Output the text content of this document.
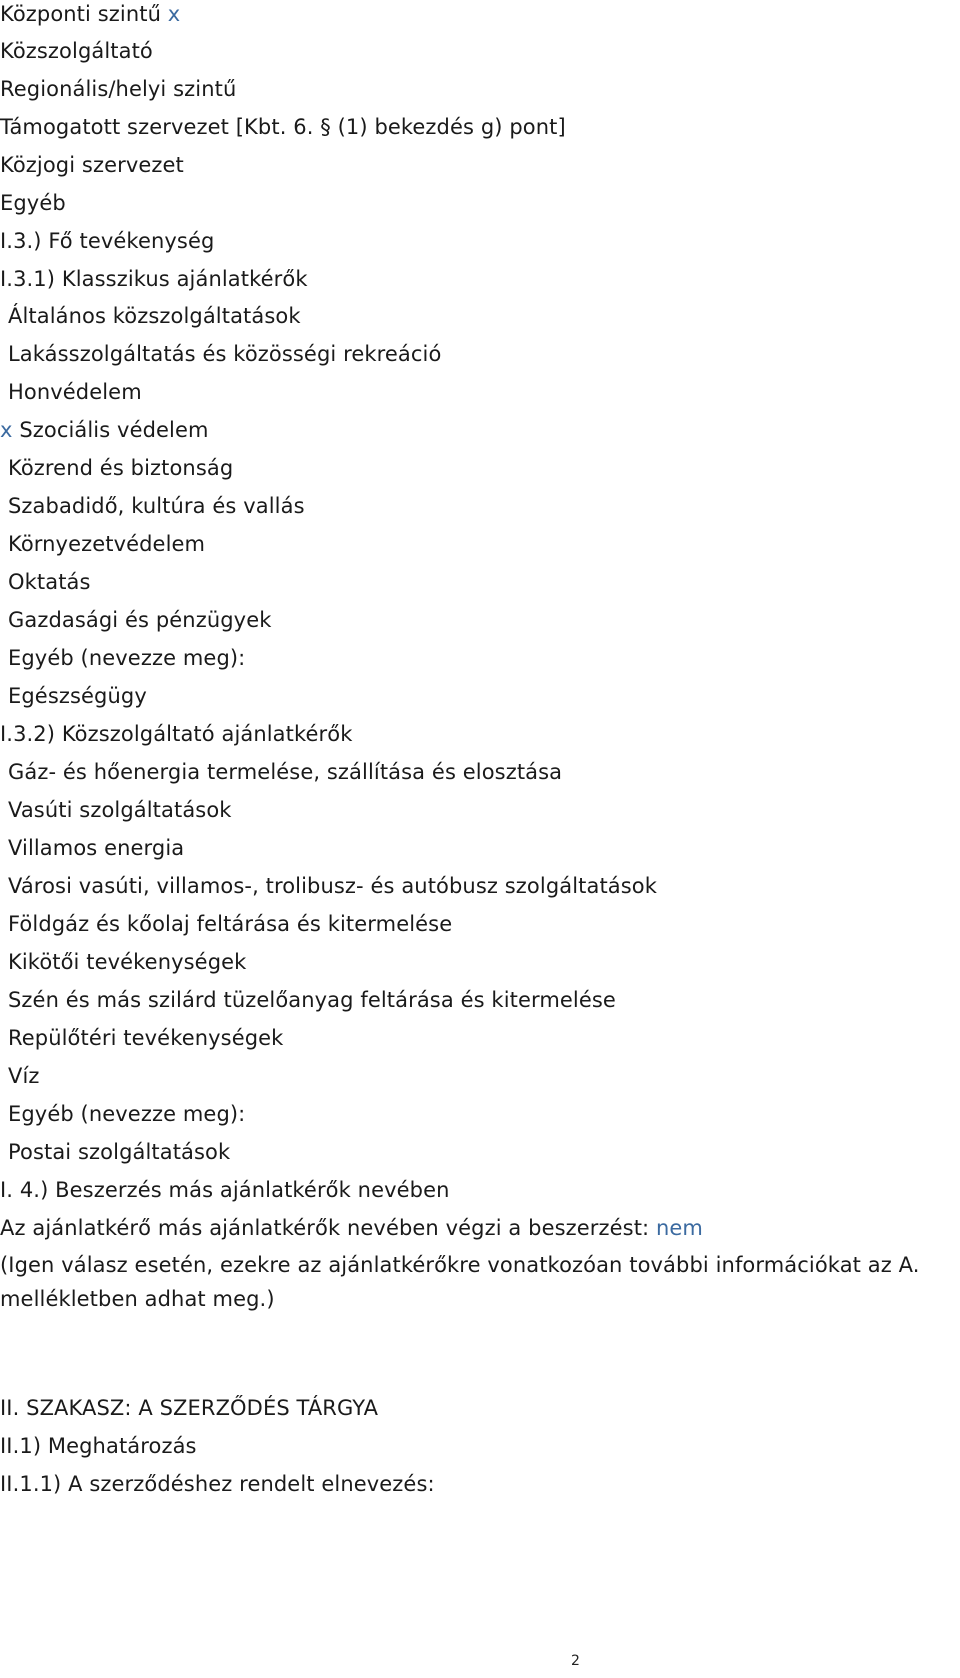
Központi szintű x
Közszolgáltató
Regionális/helyi szintű
Támogatott szervezet [Kbt. 6. § (1) bekezdés g) pont]
Közjogi szervezet
Egyéb
I.3.) Fő tevékenység
I.3.1) Klasszikus ajánlatkérők
Általános közszolgáltatások
Lakásszolgáltatás és közösségi rekreáció
Honvédelem
x Szociális védelem
Közrend és biztonság
Szabadidő, kultúra és vallás
Környezetvédelem
Oktatás
Gazdasági és pénzügyek
Egyéb (nevezze meg):
Egészségügy
I.3.2) Közszolgáltató ajánlatkérők
Gáz- és hőenergia termelése, szállítása és elosztása
Vasúti szolgáltatások
Villamos energia
Városi vasúti, villamos-, trolibusz- és autóbusz szolgáltatások
Földgáz és kőolaj feltárása és kitermelése
Kikötői tevékenységek
Szén és más szilárd tüzelőanyag feltárása és kitermelése
Repülőtéri tevékenységek
Víz
Egyéb (nevezze meg):
Postai szolgáltatások
I. 4.) Beszerzés más ajánlatkérők nevében
Az ajánlatkérő más ajánlatkérők nevében végzi a beszerzést: nem
(Igen válasz esetén, ezekre az ajánlatkérőkre vonatkozóan további információkat az A.
mellékletben adhat meg.)
II. SZAKASZ: A SZERZŐDÉS TÁRGYA
II.1) Meghatározás
II.1.1) A szerződéshez rendelt elnevezés:
2
